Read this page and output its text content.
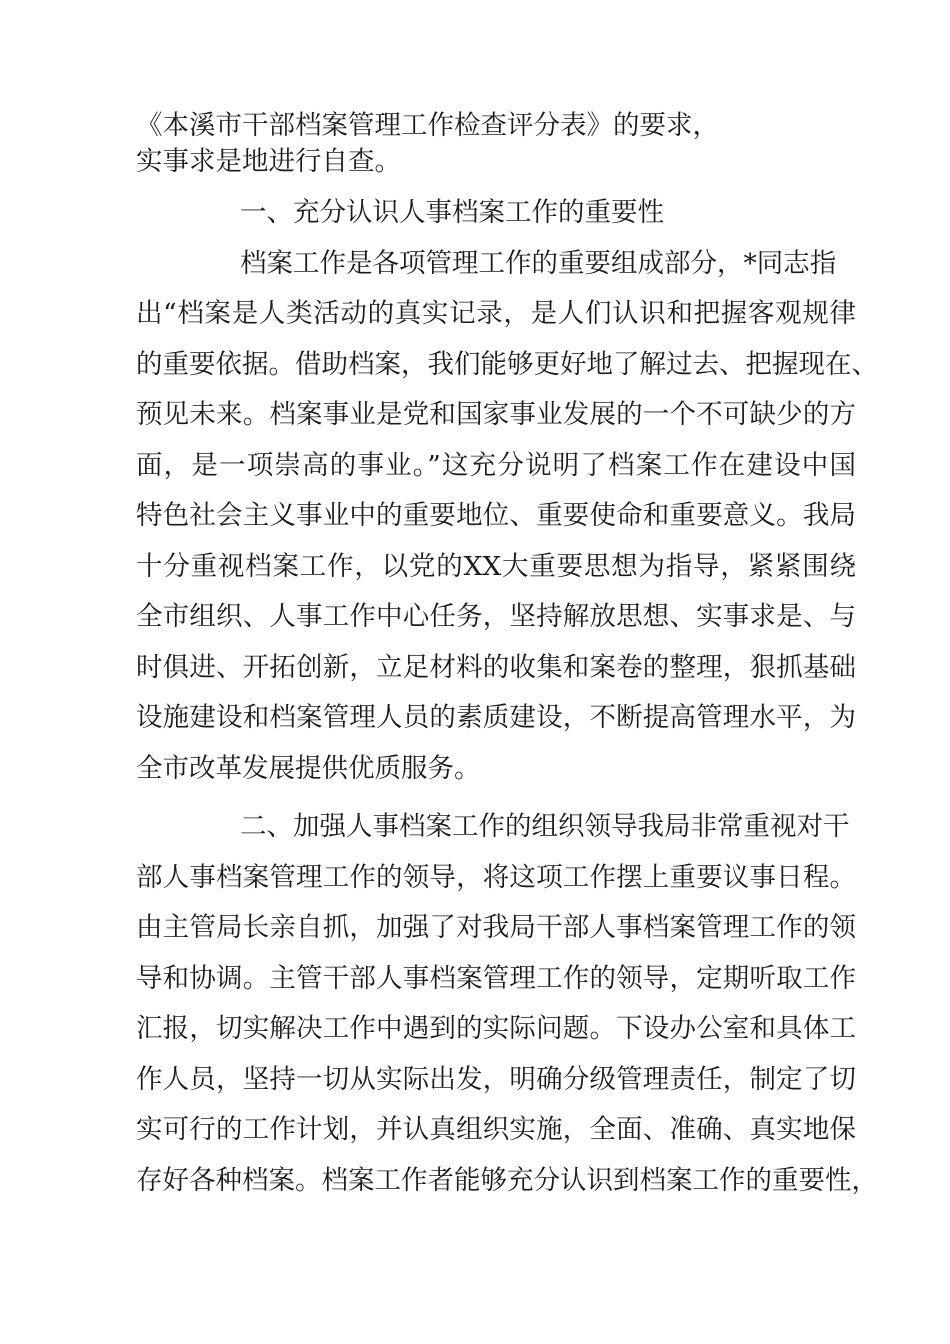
《本溪市干部档案管理工作检查评分表》的要求，
实事求是地进行自查。
一、充分认识人事档案工作的重要性
档案工作是各项管理工作的重要组成部分，*同志指
出“档案是人类活动的真实记录，是人们认识和把握客观规律
的重要依据。借助档案，我们能够更好地了解过去、把握现在、
预见未来。档案事业是党和国家事业发展的一个不可缺少的方
面，是一项崇高的事业。”这充分说明了档案工作在建设中国
特色社会主义事业中的重要地位、重要使命和重要意义。我局
十分重视档案工作，以党的XX大重要思想为指导，紧紧围绕
全市组织、人事工作中心任务，坚持解放思想、实事求是、与
时俱进、开拓创新，立足材料的收集和案卷的整理，狠抓基础
设施建设和档案管理人员的素质建设，不断提高管理水平，为
全市改革发展提供优质服务。
二、加强人事档案工作的组织领导我局非常重视对干
部人事档案管理工作的领导，将这项工作摆上重要议事日程。
由主管局长亲自抓，加强了对我局干部人事档案管理工作的领
导和协调。主管干部人事档案管理工作的领导，定期听取工作
汇报，切实解决工作中遇到的实际问题。下设办公室和具体工
作人员，坚持一切从实际出发，明确分级管理责任，制定了切
实可行的工作计划，并认真组织实施，全面、准确、真实地保
存好各种档案。档案工作者能够充分认识到档案工作的重要性，
